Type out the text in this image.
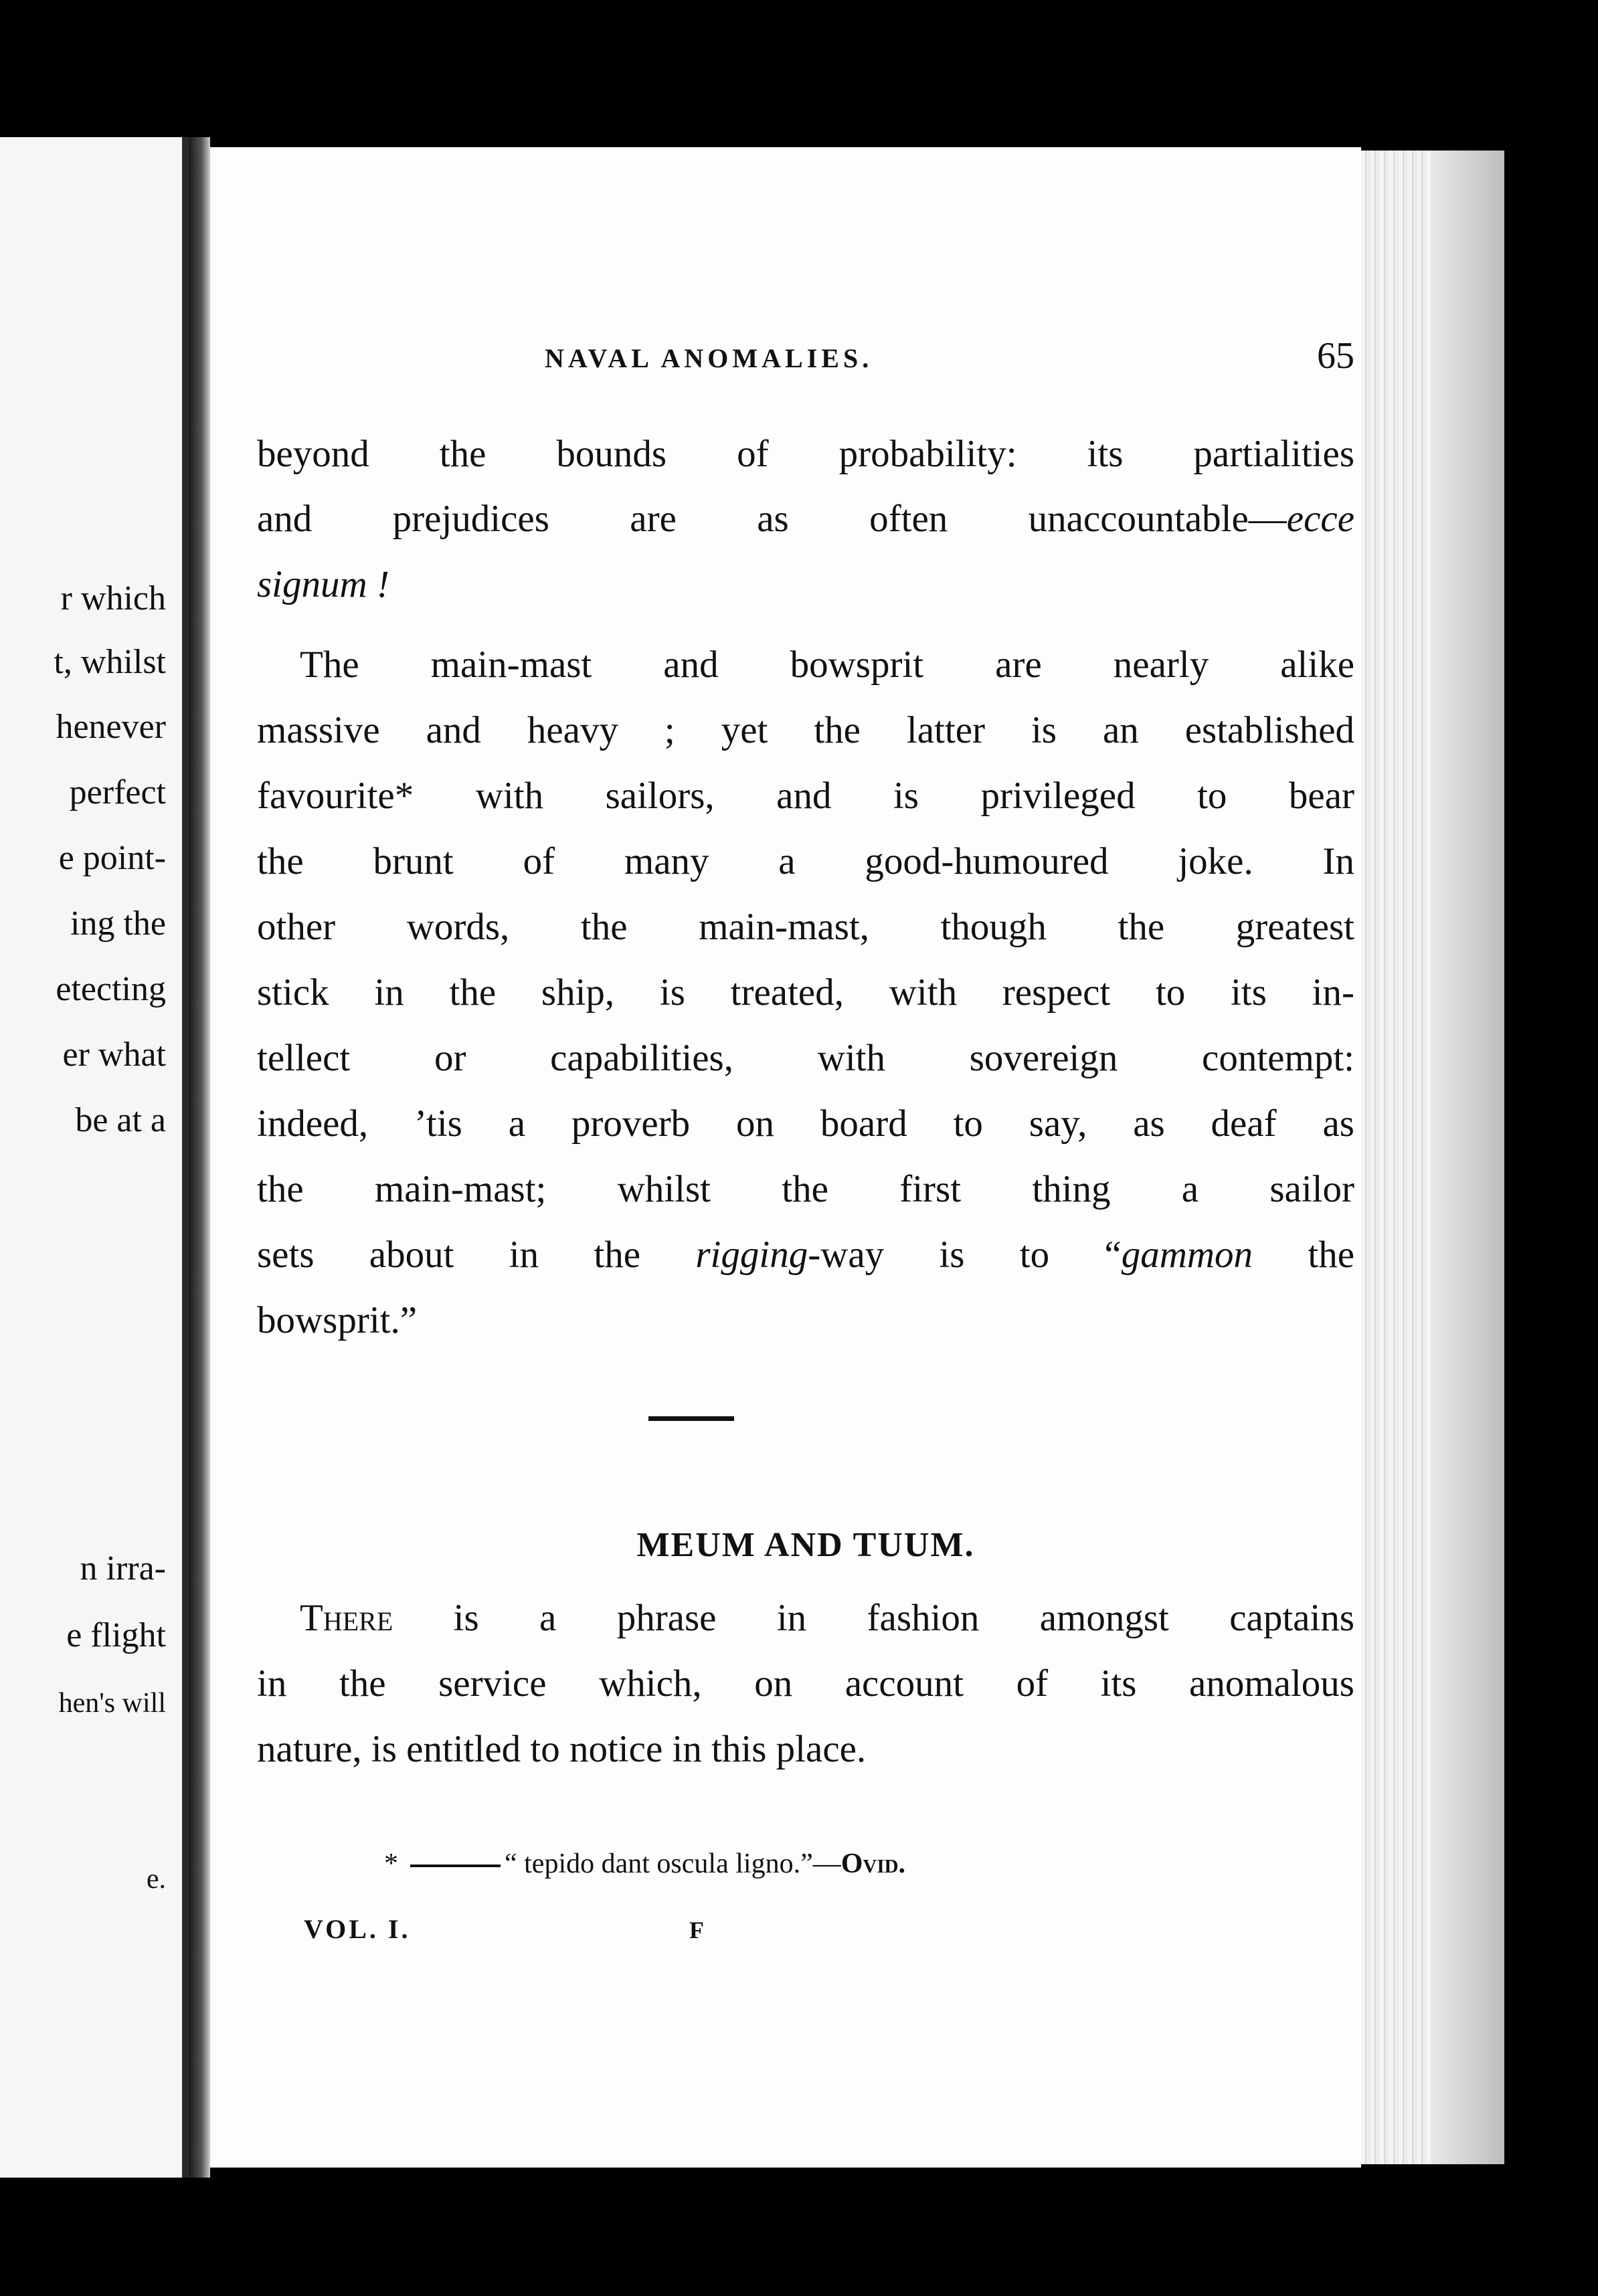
r which
t, whilst
henever
perfect
e point-
ing the
etecting
er what
be at a
n irra-
e flight
hen's will
e.
NAVAL ANOMALIES.	65
beyond the bounds of probability: its partialities
and prejudices are as often unaccountable—ecce
signum !
The main-mast and bowsprit are nearly alike
massive and heavy ; yet the latter is an established
favourite* with sailors, and is privileged to bear
the brunt of many a good-humoured joke. In
other words, the main-mast, though the greatest
stick in the ship, is treated, with respect to its in-
tellect or capabilities, with sovereign contempt:
indeed, ’tis a proverb on board to say, as deaf as
the main-mast; whilst the first thing a sailor
sets about in the rigging-way is to “gammon the
bowsprit.”
MEUM AND TUUM.
There is a phrase in fashion amongst captains
in the service which, on account of its anomalous
nature, is entitled to notice in this place.
*	“ tepido dant oscula ligno.”—Ovid.
VOL. I.	F
